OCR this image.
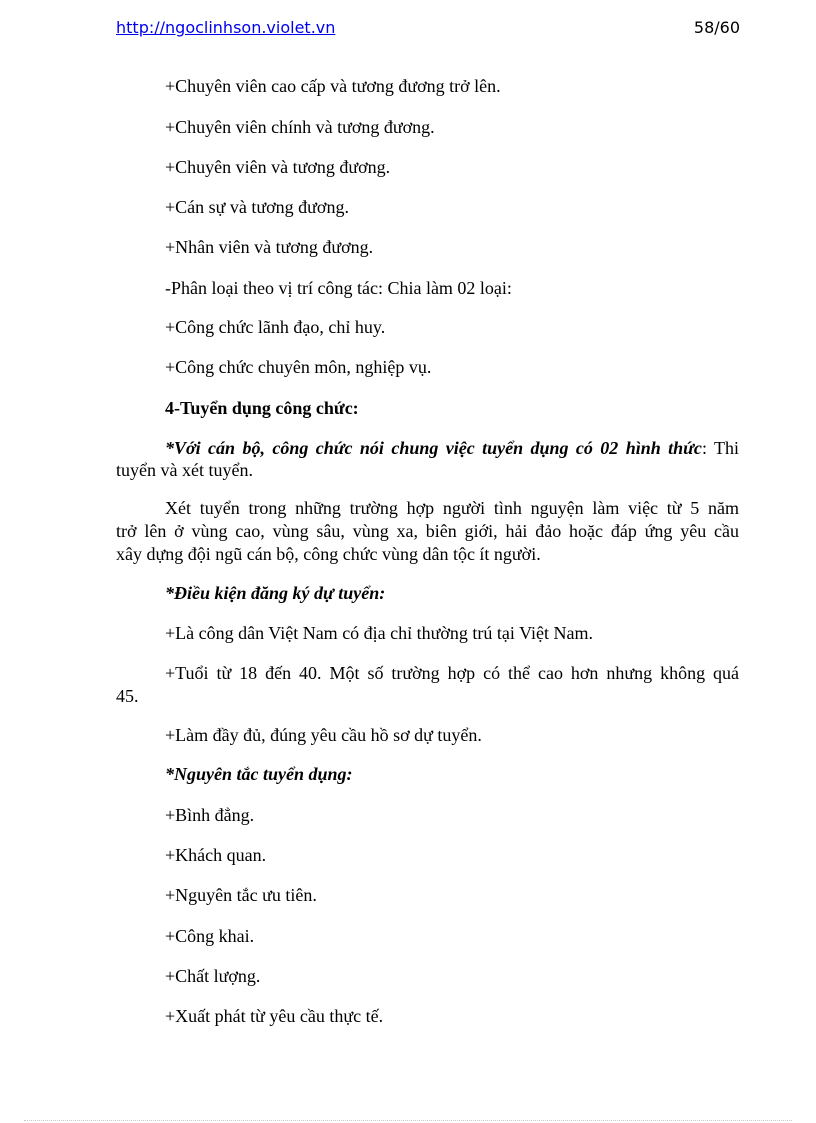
http://ngoclinhson.violet.vn	58/60
+Chuyên viên cao cấp và tương đương trở lên.
+Chuyên viên chính và tương đương.
+Chuyên viên và tương đương.
+Cán sự và tương đương.
+Nhân viên và tương đương.
-Phân loại theo vị trí công tác: Chia làm 02 loại:
+Công chức lãnh đạo, chỉ huy.
+Công chức chuyên môn, nghiệp vụ.
4-Tuyển dụng công chức:
*Với cán bộ, công chức nói chung việc tuyển dụng có 02 hình thức: Thi
tuyển và xét tuyển.
Xét tuyển trong những trường hợp người tình nguyện làm việc từ 5 năm
trở lên ở vùng cao, vùng sâu, vùng xa, biên giới, hải đảo hoặc đáp ứng yêu cầu
xây dựng đội ngũ cán bộ, công chức vùng dân tộc ít người.
*Điều kiện đăng ký dự tuyển:
+Là công dân Việt Nam có địa chỉ thường trú tại Việt Nam.
+Tuổi từ 18 đến 40. Một số trường hợp có thể cao hơn nhưng không quá
45.
+Làm đầy đủ, đúng yêu cầu hồ sơ dự tuyển.
*Nguyên tắc tuyển dụng:
+Bình đẳng.
+Khách quan.
+Nguyên tắc ưu tiên.
+Công khai.
+Chất lượng.
+Xuất phát từ yêu cầu thực tế.
